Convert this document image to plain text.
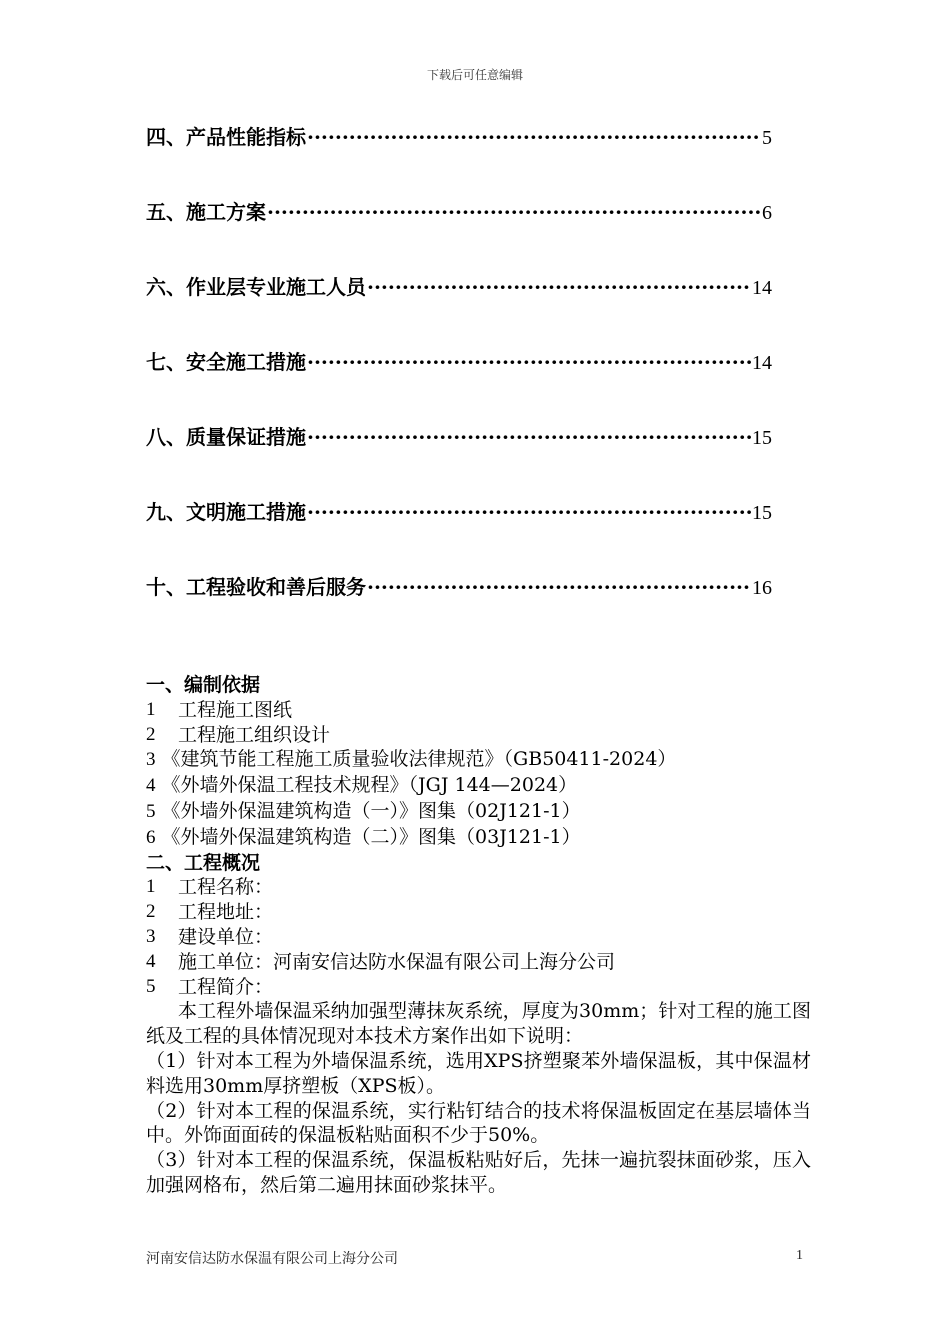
下载后可任意编辑
四、产品性能指标 ·····	5
五、施工方案 ·····	6
六、作业层专业施工人员 ·····	14
七、安全施工措施 ·····	14
八、质量保证措施 ·····	15
九、文明施工措施 ·····	15
十、工程验收和善后服务 ·····	16
一、编制依据
1	工程施工图纸
2	工程施工组织设计
3 《建筑节能工程施工质量验收法律规范》（GB50411-2024）
4 《外墙外保温工程技术规程》（JGJ 144—2024）
5 《外墙外保温建筑构造（一）》图集（02J121-1）
6 《外墙外保温建筑构造（二）》图集（03J121-1）
二、工程概况
1	工程名称：
2	工程地址：
3	建设单位：
4	施工单位：河南安信达防水保温有限公司上海分公司
5	工程简介：
本工程外墙保温采纳加强型薄抹灰系统，厚度为30mm；针对工程的施工图纸及工程的具体情况现对本技术方案作出如下说明：
（1）针对本工程为外墙保温系统，选用XPS挤塑聚苯外墙保温板，其中保温材料选用30mm厚挤塑板（XPS板）。
（2）针对本工程的保温系统，实行粘钉结合的技术将保温板固定在基层墙体当中。外饰面面砖的保温板粘贴面积不少于50%。
（3）针对本工程的保温系统，保温板粘贴好后，先抹一遍抗裂抹面砂浆，压入加强网格布，然后第二遍用抹面砂浆抹平。
河南安信达防水保温有限公司上海分公司	1
